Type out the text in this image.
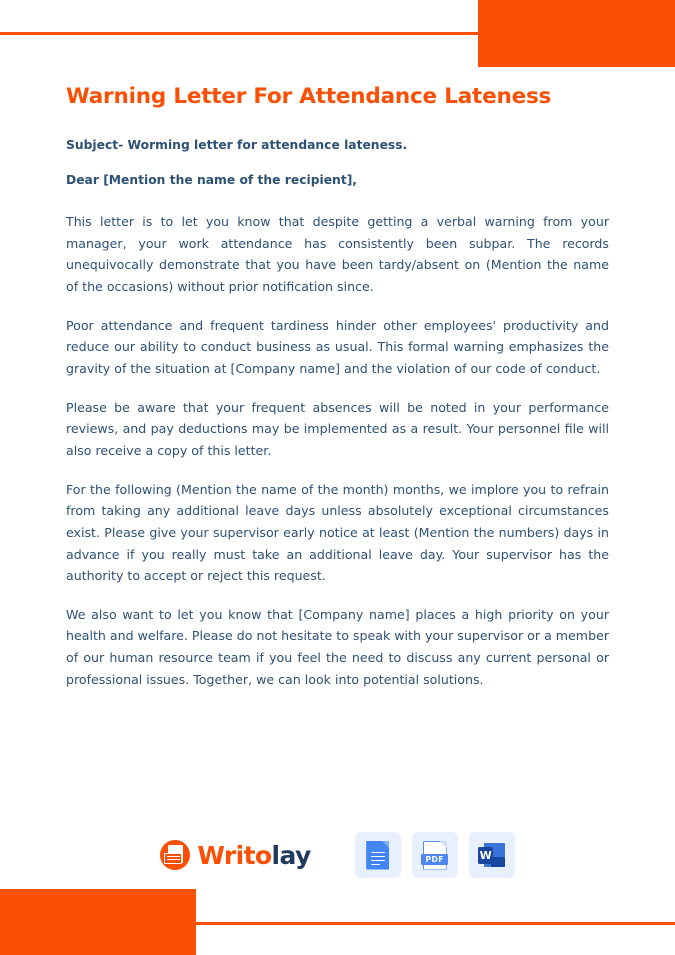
Warning Letter For Attendance Lateness

Subject- Worming letter for attendance lateness.

Dear [Mention the name of the recipient],

This letter is to let you know that despite getting a verbal warning from your manager, your work attendance has consistently been subpar. The records unequivocally demonstrate that you have been tardy/absent on (Mention the name of the occasions) without prior notification since.

Poor attendance and frequent tardiness hinder other employees' productivity and reduce our ability to conduct business as usual. This formal warning emphasizes the gravity of the situation at [Company name] and the violation of our code of conduct.

Please be aware that your frequent absences will be noted in your performance reviews, and pay deductions may be implemented as a result. Your personnel file will also receive a copy of this letter.

For the following (Mention the name of the month) months, we implore you to refrain from taking any additional leave days unless absolutely exceptional circumstances exist. Please give your supervisor early notice at least (Mention the numbers) days in advance if you really must take an additional leave day. Your supervisor has the authority to accept or reject this request.

We also want to let you know that [Company name] places a high priority on your health and welfare. Please do not hesitate to speak with your supervisor or a member of our human resource team if you feel the need to discuss any current personal or professional issues. Together, we can look into potential solutions.

Writolay	PDF	W
